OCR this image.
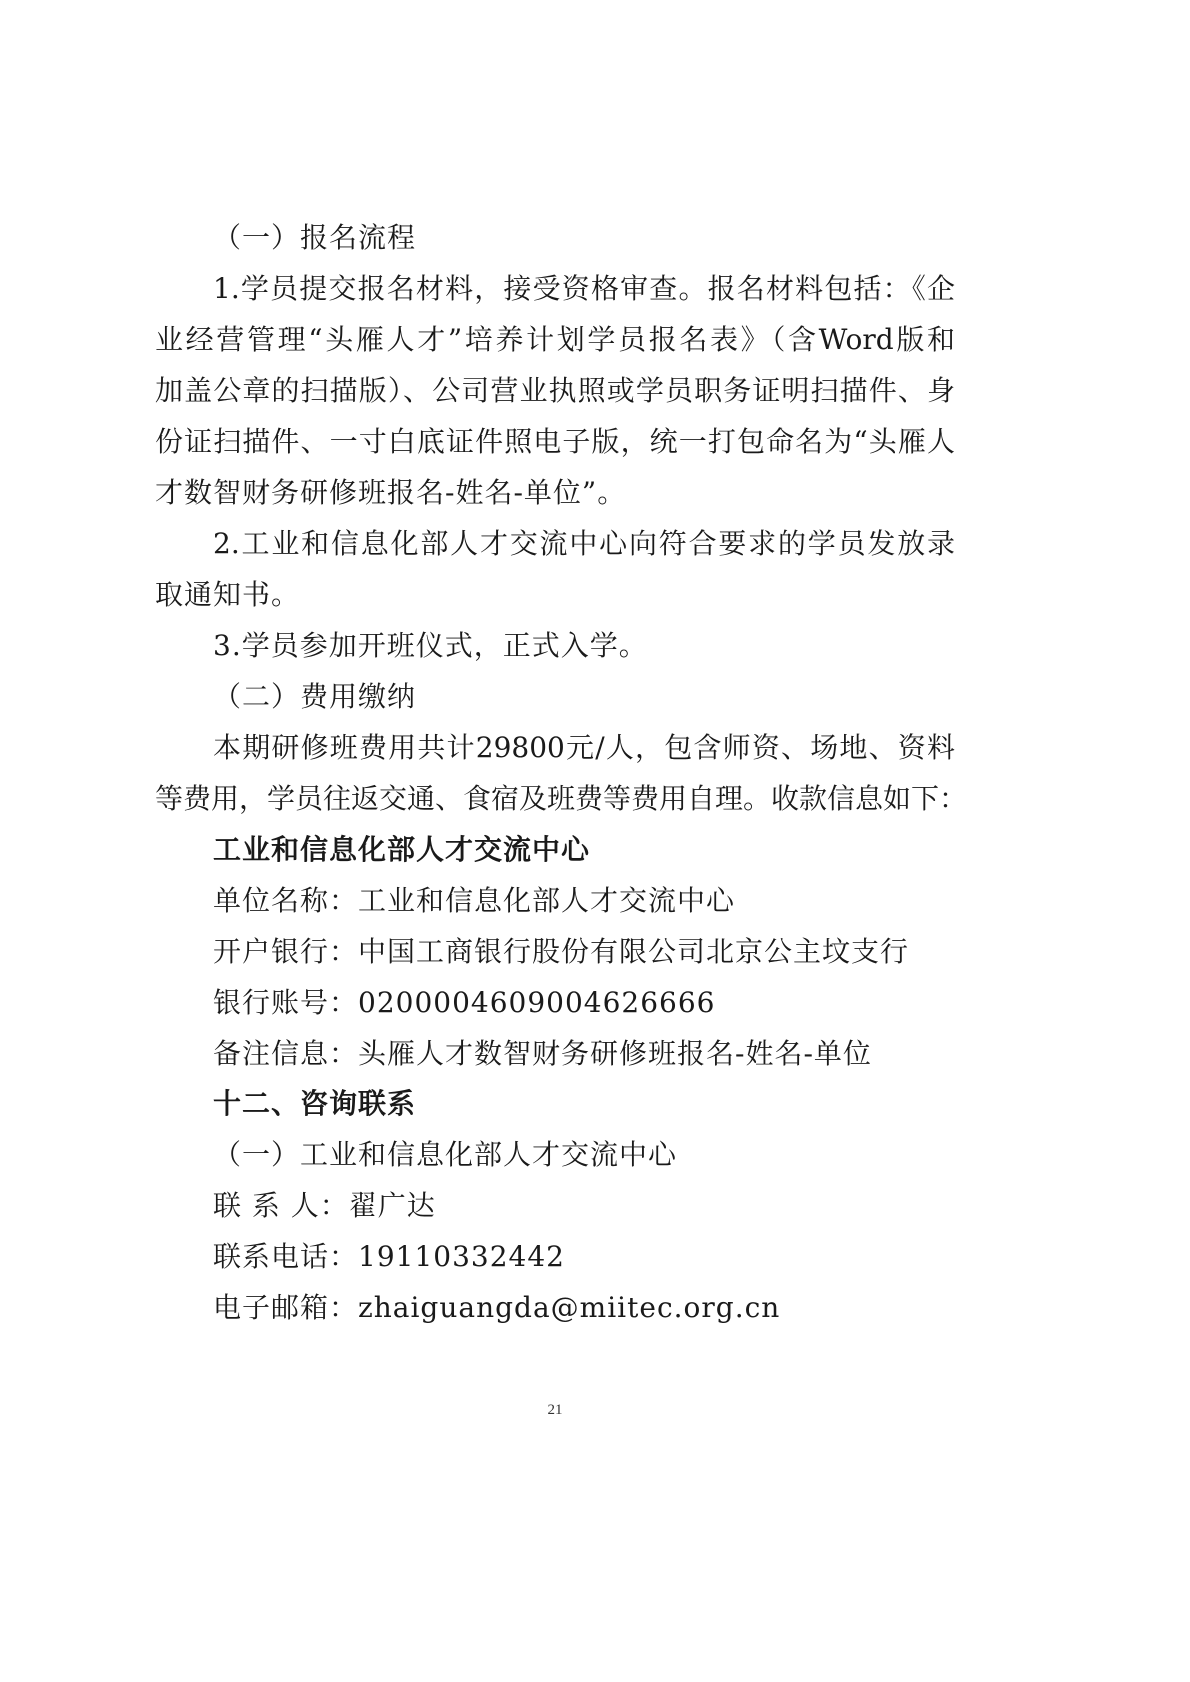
（一）报名流程
1.学员提交报名材料，接受资格审查。报名材料包括：《企
业经营管理“头雁人才”培养计划学员报名表》（含Word版和
加盖公章的扫描版）、公司营业执照或学员职务证明扫描件、身
份证扫描件、一寸白底证件照电子版，统一打包命名为“头雁人
才数智财务研修班报名-姓名-单位”。
2.工业和信息化部人才交流中心向符合要求的学员发放录
取通知书。
3.学员参加开班仪式，正式入学。
（二）费用缴纳
本期研修班费用共计29800元/人，包含师资、场地、资料
等费用，学员往返交通、食宿及班费等费用自理。收款信息如下：
工业和信息化部人才交流中心
单位名称：工业和信息化部人才交流中心
开户银行：中国工商银行股份有限公司北京公主坟支行
银行账号：0200004609004626666
备注信息：头雁人才数智财务研修班报名-姓名-单位
十二、咨询联系
（一）工业和信息化部人才交流中心
联 系 人：翟广达
联系电话：19110332442
电子邮箱：zhaiguangda@miitec.org.cn
21
